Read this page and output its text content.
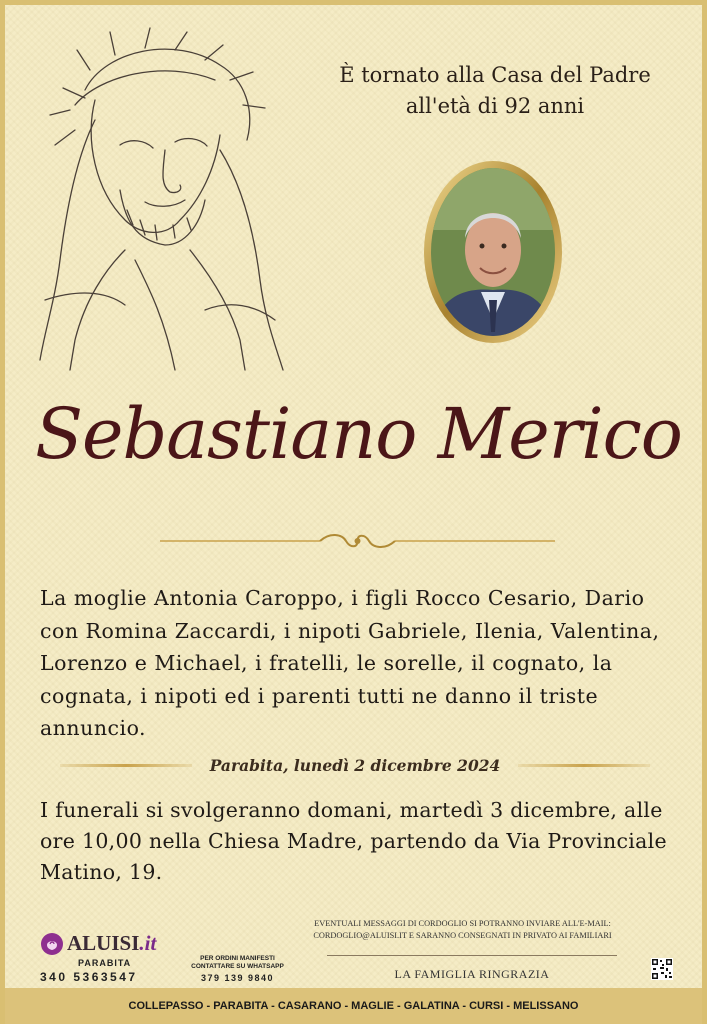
È tornato alla Casa del Padre
all'età di 92 anni
Sebastiano Merico
La moglie Antonia Caroppo, i figli Rocco Cesario, Dario con Romina Zaccardi, i nipoti Gabriele, Ilenia, Valentina, Lorenzo e Michael, i fratelli, le sorelle, il cognato, la cognata, i nipoti ed i parenti tutti ne danno il triste annuncio.
Parabita, lunedì 2 dicembre 2024
I funerali si svolgeranno domani, martedì 3 dicembre, alle ore 10,00 nella Chiesa Madre, partendo da Via Provinciale Matino, 19.
ALUISI.it
PARABITA
340 5363547
PER ORDINI MANIFESTI
CONTATTARE SU WHATSAPP
379 139 9840
EVENTUALI MESSAGGI DI CORDOGLIO SI POTRANNO INVIARE ALL'E-MAIL:
CORDOGLIO@ALUISI.IT E SARANNO CONSEGNATI IN PRIVATO AI FAMILIARI
LA FAMIGLIA RINGRAZIA
COLLEPASSO - PARABITA - CASARANO - MAGLIE - GALATINA - CURSI - MELISSANO
